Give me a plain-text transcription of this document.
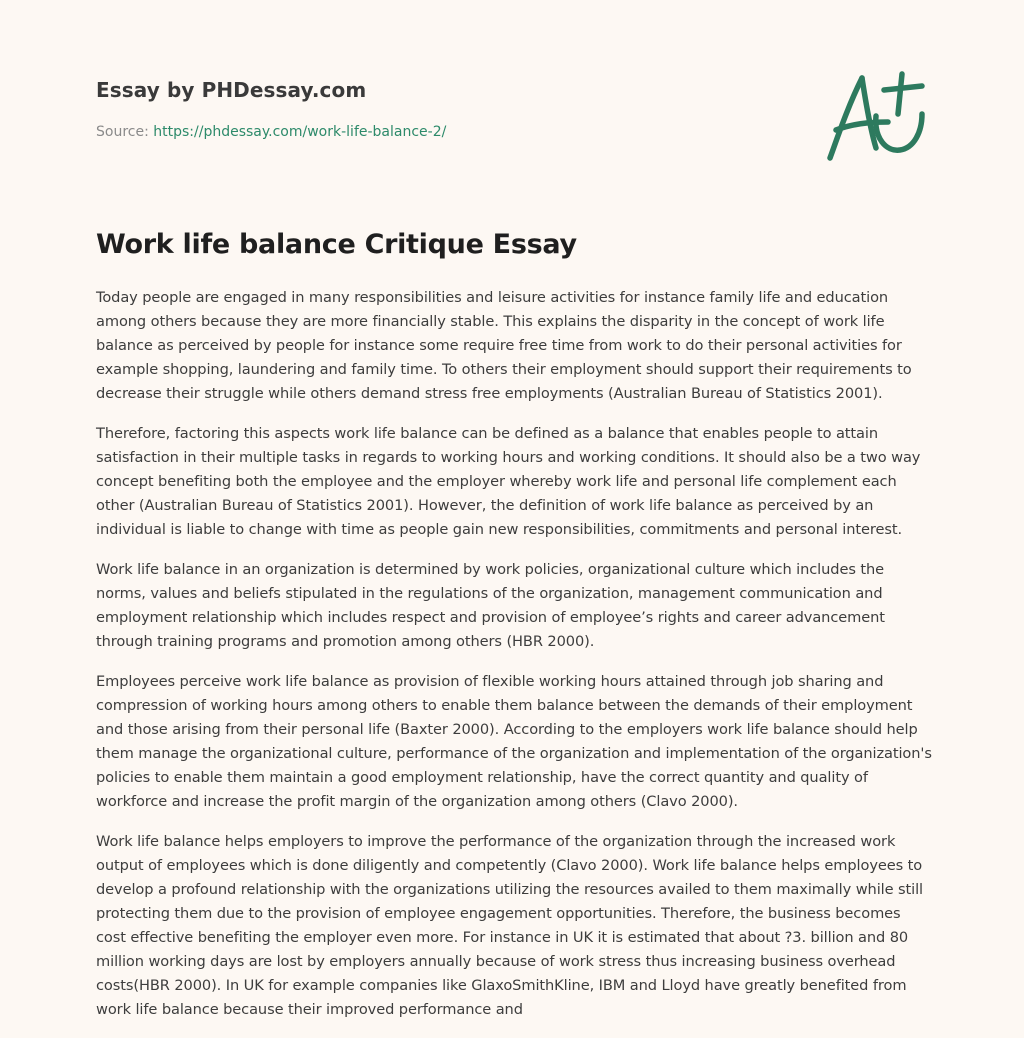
Essay by PHDessay.com
Source: https://phdessay.com/work-life-balance-2/
Work life balance Critique Essay

Today people are engaged in many responsibilities and leisure activities for instance family life and education among others because they are more financially stable. This explains the disparity in the concept of work life balance as perceived by people for instance some require free time from work to do their personal activities for example shopping, laundering and family time. To others their employment should support their requirements to decrease their struggle while others demand stress free employments (Australian Bureau of Statistics 2001).

Therefore, factoring this aspects work life balance can be defined as a balance that enables people to attain satisfaction in their multiple tasks in regards to working hours and working conditions. It should also be a two way concept benefiting both the employee and the employer whereby work life and personal life complement each other (Australian Bureau of Statistics 2001). However, the definition of work life balance as perceived by an individual is liable to change with time as people gain new responsibilities, commitments and personal interest.

Work life balance in an organization is determined by work policies, organizational culture which includes the norms, values and beliefs stipulated in the regulations of the organization, management communication and employment relationship which includes respect and provision of employee’s rights and career advancement through training programs and promotion among others (HBR 2000).

Employees perceive work life balance as provision of flexible working hours attained through job sharing and compression of working hours among others to enable them balance between the demands of their employment and those arising from their personal life (Baxter 2000). According to the employers work life balance should help them manage the organizational culture, performance of the organization and implementation of the organization's policies to enable them maintain a good employment relationship, have the correct quantity and quality of workforce and increase the profit margin of the organization among others (Clavo 2000).

Work life balance helps employers to improve the performance of the organization through the increased work output of employees which is done diligently and competently (Clavo 2000). Work life balance helps employees to develop a profound relationship with the organizations utilizing the resources availed to them maximally while still protecting them due to the provision of employee engagement opportunities. Therefore, the business becomes cost effective benefiting the employer even more. For instance in UK it is estimated that about ?3. billion and 80 million working days are lost by employers annually because of work stress thus increasing business overhead costs(HBR 2000). In UK for example companies like GlaxoSmithKline, IBM and Lloyd have greatly benefited from work life balance because their improved performance and
